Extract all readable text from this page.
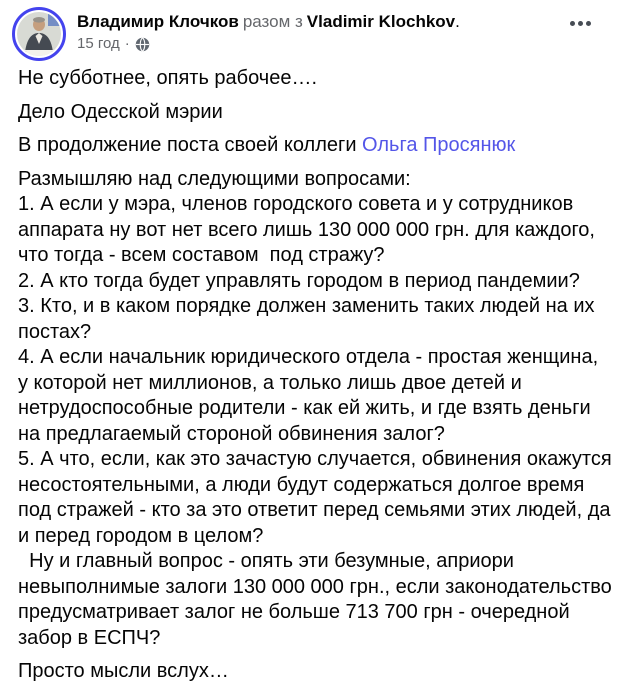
Владимир Клочков разом з Vladimir Klochkov.
15 год ·

Не субботнее, опять рабочее….

Дело Одесской мэрии

В продолжение поста своей коллеги Ольга Просянюк

Размышляю над следующими вопросами:
1. А если у мэра, членов городского совета и у сотрудников аппарата ну вот нет всего лишь 130 000 000 грн. для каждого, что тогда - всем составом  под стражу?
2. А кто тогда будет управлять городом в период пандемии?
3. Кто, и в каком порядке должен заменить таких людей на их постах?
4. А если начальник юридического отдела - простая женщина, у которой нет миллионов, а только лишь двое детей и нетрудоспособные родители - как ей жить, и где взять деньги на предлагаемый стороной обвинения залог?
5. А что, если, как это зачастую случается, обвинения окажутся несостоятельными, а люди будут содержаться долгое время под стражей - кто за это ответит перед семьями этих людей, да и перед городом в целом?
Ну и главный вопрос - опять эти безумные, априори невыполнимые залоги 130 000 000 грн., если законодательство предусматривает залог не больше 713 700 грн - очередной забор в ЕСПЧ?

Просто мысли вслух…
